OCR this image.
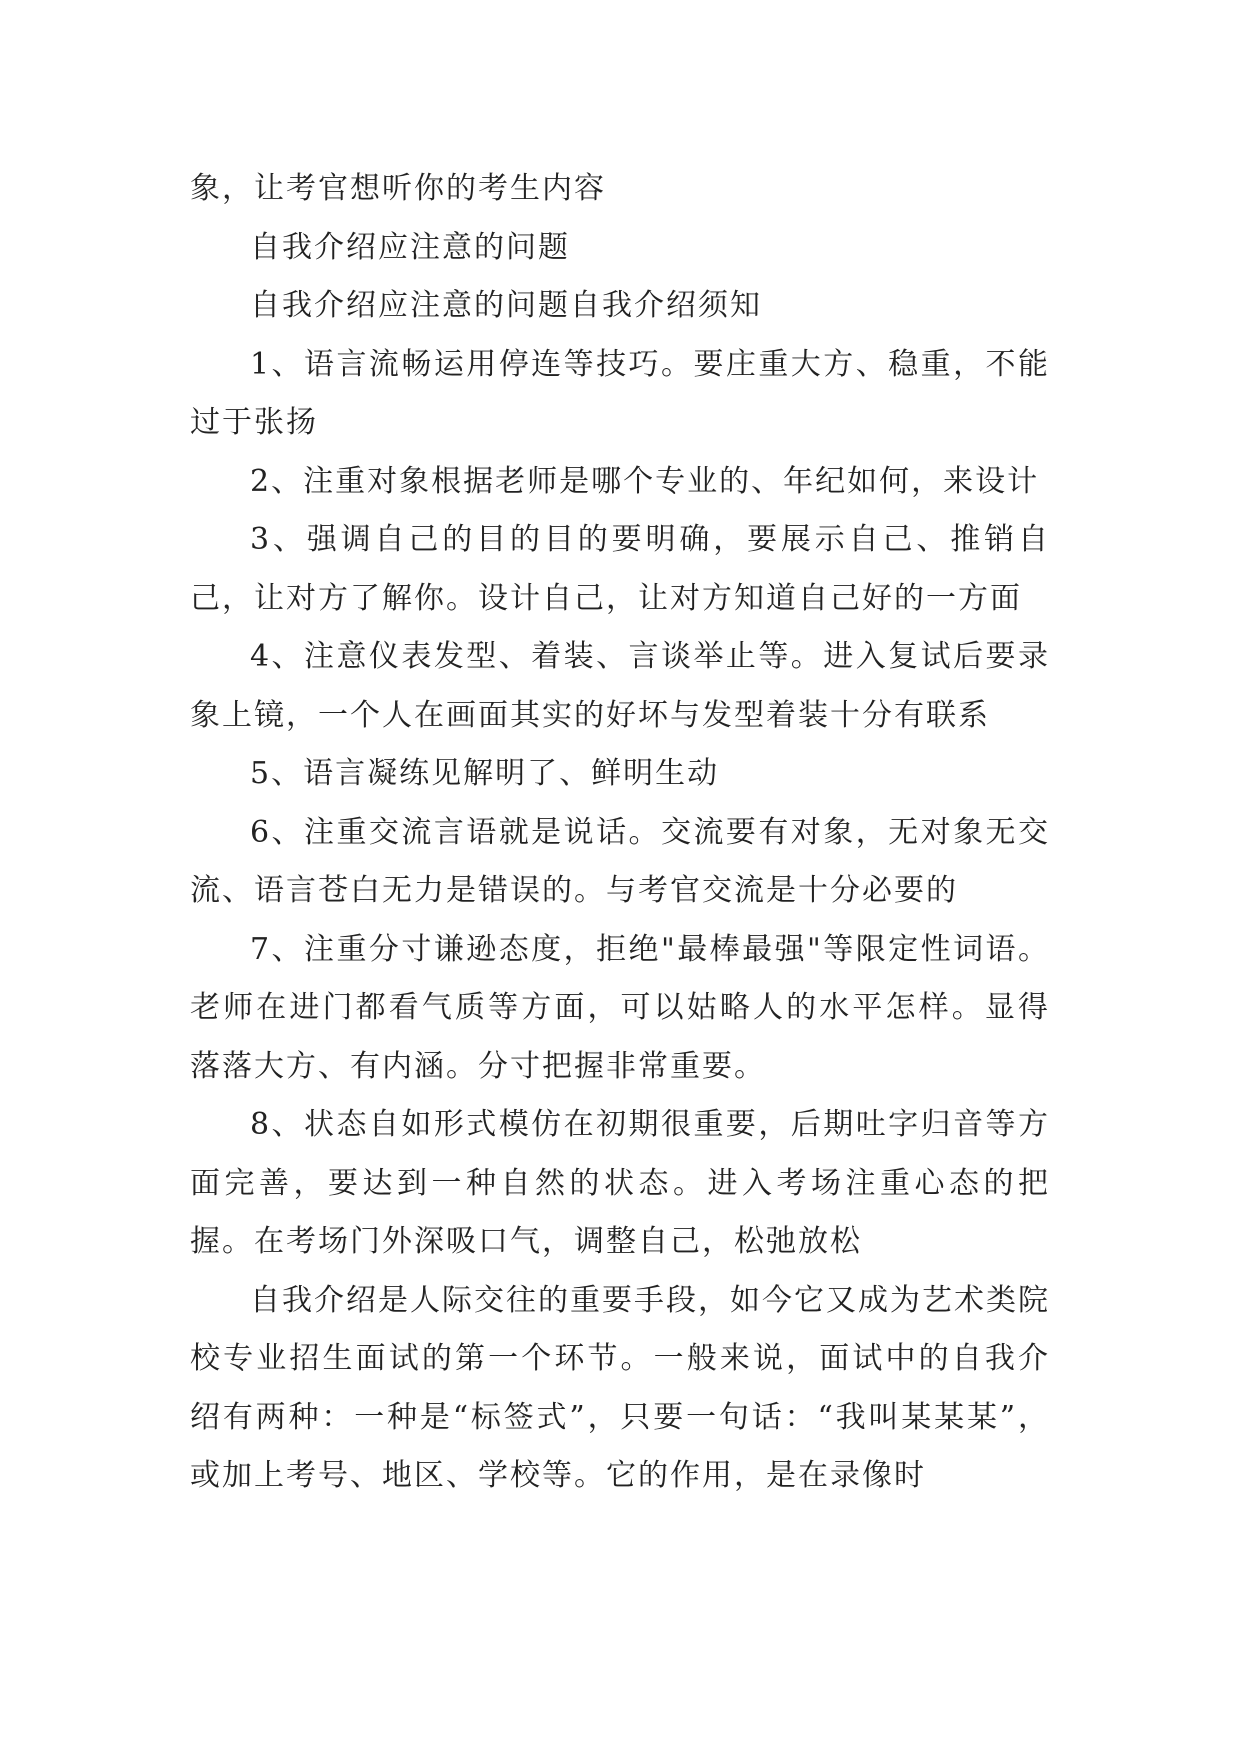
象，让考官想听你的考生内容

自我介绍应注意的问题

自我介绍应注意的问题自我介绍须知

1、语言流畅运用停连等技巧。要庄重大方、稳重，不能过于张扬

2、注重对象根据老师是哪个专业的、年纪如何，来设计

3、强调自己的目的目的要明确，要展示自己、推销自己，让对方了解你。设计自己，让对方知道自己好的一方面

4、注意仪表发型、着装、言谈举止等。进入复试后要录象上镜，一个人在画面其实的好坏与发型着装十分有联系

5、语言凝练见解明了、鲜明生动

6、注重交流言语就是说话。交流要有对象，无对象无交流、语言苍白无力是错误的。与考官交流是十分必要的

7、注重分寸谦逊态度，拒绝"最棒最强"等限定性词语。老师在进门都看气质等方面，可以姑略人的水平怎样。显得落落大方、有内涵。分寸把握非常重要。

8、状态自如形式模仿在初期很重要，后期吐字归音等方面完善，要达到一种自然的状态。进入考场注重心态的把握。在考场门外深吸口气，调整自己，松弛放松

自我介绍是人际交往的重要手段，如今它又成为艺术类院校专业招生面试的第一个环节。一般来说，面试中的自我介绍有两种：一种是“标签式”，只要一句话：“我叫某某某”，或加上考号、地区、学校等。它的作用，是在录像时
